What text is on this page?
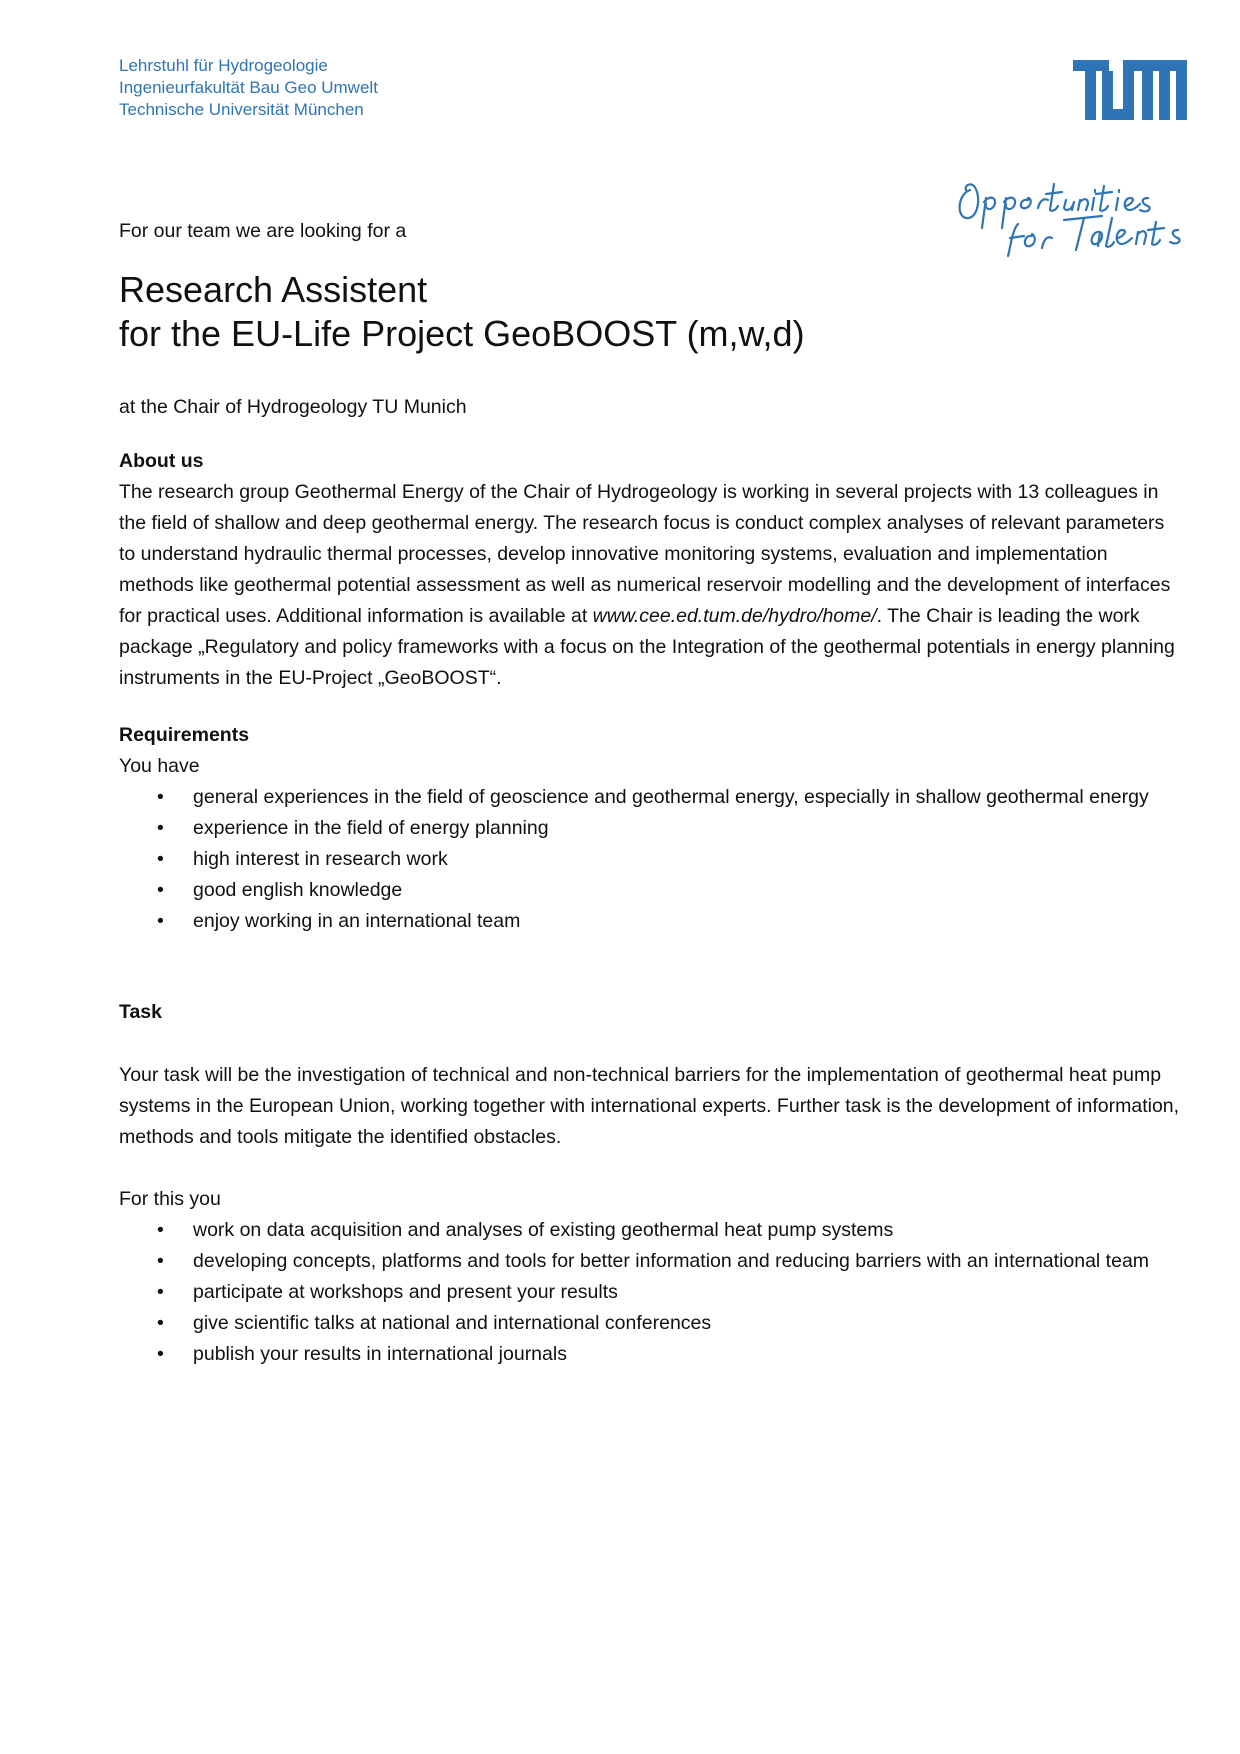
Lehrstuhl für Hydrogeologie
Ingenieurfakultät Bau Geo Umwelt
Technische Universität München
For our team we are looking for a
Research Assistent
for the EU-Life Project GeoBOOST (m,w,d)
at the Chair of Hydrogeology TU Munich
About us

The research group Geothermal Energy of the Chair of Hydrogeology is working in several projects with 13 colleagues in the field of shallow and deep geothermal energy. The research focus is conduct complex analyses of relevant parameters to understand hydraulic thermal processes, develop innovative monitoring systems, evaluation and implementation methods like geothermal potential assessment as well as numerical reservoir modelling and the development of interfaces for practical uses. Additional information is available at www.cee.ed.tum.de/hydro/home/. The Chair is leading the work package „Regulatory and policy frameworks with a focus on the Integration of the geothermal potentials in energy planning instruments in the EU-Project „GeoBOOST“.

Requirements
You have
• general experiences in the field of geoscience and geothermal energy, especially in shallow geothermal energy
• experience in the field of energy planning
• high interest in research work
• good english knowledge
• enjoy working in an international team
Task

Your task will be the investigation of technical and non-technical barriers for the implementation of geothermal heat pump systems in the European Union, working together with international experts. Further task is the development of information, methods and tools mitigate the identified obstacles.

For this you
• work on data acquisition and analyses of existing geothermal heat pump systems
• developing concepts, platforms and tools for better information and reducing barriers with an international team
• participate at workshops and present your results
• give scientific talks at national and international conferences
• publish your results in international journals
